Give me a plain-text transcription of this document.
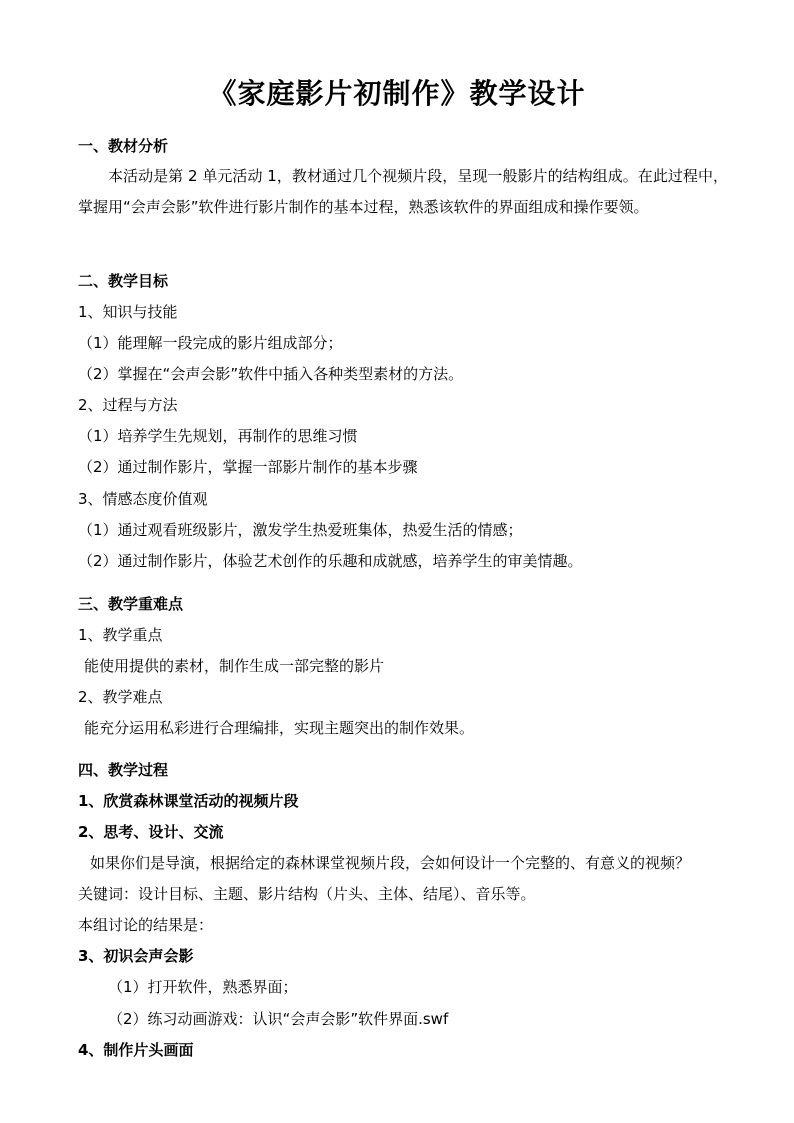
《家庭影片初制作》教学设计
一、教材分析
本活动是第 2 单元活动 1，教材通过几个视频片段，呈现一般影片的结构组成。在此过程中，掌握用“会声会影”软件进行影片制作的基本过程，熟悉该软件的界面组成和操作要领。
二、教学目标
1、知识与技能
（1）能理解一段完成的影片组成部分；
（2）掌握在“会声会影”软件中插入各种类型素材的方法。
2、过程与方法
（1）培养学生先规划，再制作的思维习惯
（2）通过制作影片，掌握一部影片制作的基本步骤
3、情感态度价值观
（1）通过观看班级影片，激发学生热爱班集体，热爱生活的情感；
（2）通过制作影片，体验艺术创作的乐趣和成就感，培养学生的审美情趣。
三、教学重难点
1、教学重点
能使用提供的素材，制作生成一部完整的影片
2、教学难点
能充分运用私彩进行合理编排，实现主题突出的制作效果。
四、教学过程
1、欣赏森林课堂活动的视频片段
2、思考、设计、交流
如果你们是导演，根据给定的森林课堂视频片段，会如何设计一个完整的、有意义的视频？
关键词：设计目标、主题、影片结构（片头、主体、结尾）、音乐等。
本组讨论的结果是：
3、初识会声会影
（1）打开软件，熟悉界面；
（2）练习动画游戏：认识“会声会影”软件界面.swf
4、制作片头画面
